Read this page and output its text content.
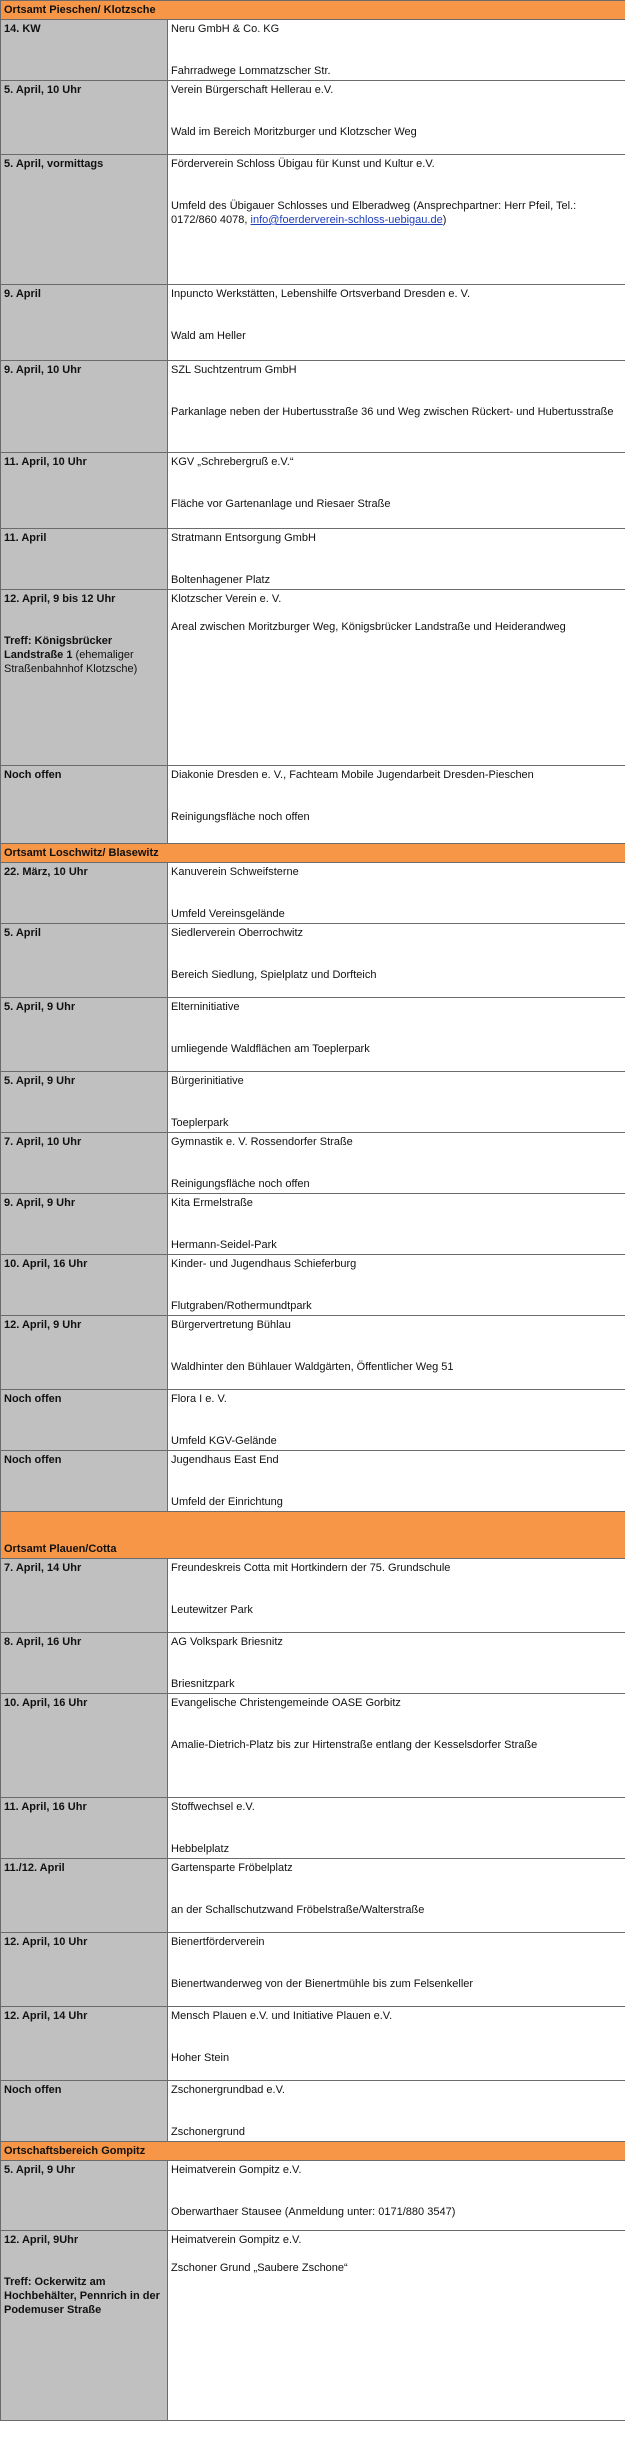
Ortsamt Pieschen/ Klotzsche	
14. KW	Neru GmbH & Co. KG
Fahrradwege Lommatzscher Str.

5. April, 10 Uhr	Verein Bürgerschaft Hellerau e.V.
Wald im Bereich Moritzburger und Klotzscher Weg

5. April, vormittags	Förderverein Schloss Übigau für Kunst und Kultur e.V.
Umfeld des Übigauer Schlosses und Elberadweg (Ansprechpartner: Herr Pfeil, Tel.: 0172/860 4078, info@foerderverein-schloss-uebigau.de)

9. April	Inpuncto Werkstätten, Lebenshilfe Ortsverband Dresden e. V.
Wald am Heller

9. April, 10 Uhr	SZL Suchtzentrum GmbH
Parkanlage neben der Hubertusstraße 36 und Weg zwischen Rückert- und Hubertusstraße

11. April, 10 Uhr	KGV „Schrebergruß e.V.“
Fläche vor Gartenanlage und Riesaer Straße

11. April	Stratmann Entsorgung GmbH
Boltenhagener Platz

12. April, 9 bis 12 Uhr
Treff: Königsbrücker Landstraße 1 (ehemaliger Straßenbahnhof Klotzsche)	Klotzscher Verein e. V.
Areal zwischen Moritzburger Weg, Königsbrücker Landstraße und Heiderandweg

Noch offen	Diakonie Dresden e. V., Fachteam Mobile Jugendarbeit Dresden-Pieschen
Reinigungsfläche noch offen

Ortsamt Loschwitz/ Blasewitz	
22. März, 10 Uhr	Kanuverein Schweifsterne
Umfeld Vereinsgelände

5. April	Siedlerverein Oberrochwitz
Bereich Siedlung, Spielplatz und Dorfteich

5. April, 9 Uhr	Elterninitiative
umliegende Waldflächen am Toeplerpark

5. April, 9 Uhr	Bürgerinitiative
Toeplerpark

7. April, 10 Uhr	Gymnastik e. V. Rossendorfer Straße
Reinigungsfläche noch offen

9. April, 9 Uhr	Kita Ermelstraße
Hermann-Seidel-Park

10. April, 16 Uhr	Kinder- und Jugendhaus Schieferburg
Flutgraben/Rothermundtpark

12. April, 9 Uhr	Bürgervertretung Bühlau
Waldhinter den Bühlauer Waldgärten, Öffentlicher Weg 51

Noch offen	Flora I e. V.
Umfeld KGV-Gelände

Noch offen	Jugendhaus East End
Umfeld der Einrichtung

Ortsamt Plauen/Cotta	
7. April, 14 Uhr	Freundeskreis Cotta mit Hortkindern der 75. Grundschule
Leutewitzer Park

8. April, 16 Uhr	AG Volkspark Briesnitz
Briesnitzpark

10. April, 16 Uhr	Evangelische Christengemeinde OASE Gorbitz
Amalie-Dietrich-Platz bis zur Hirtenstraße entlang der Kesselsdorfer Straße

11. April, 16 Uhr	Stoffwechsel e.V.
Hebbelplatz

11./12. April	Gartensparte Fröbelplatz
an der Schallschutzwand Fröbelstraße/Walterstraße

12. April, 10 Uhr	Bienertförderverein
Bienertwanderweg von der Bienertmühle bis zum Felsenkeller

12. April, 14 Uhr	Mensch Plauen e.V. und Initiative Plauen e.V.
Hoher Stein

Noch offen	Zschonergrundbad e.V.
Zschonergrund

Ortschaftsbereich Gompitz	
5. April, 9 Uhr	Heimatverein Gompitz e.V.
Oberwarthaer Stausee (Anmeldung unter: 0171/880 3547)

12. April, 9Uhr
Treff: Ockerwitz am Hochbehälter, Pennrich in der Podemuser Straße	Heimatverein Gompitz e.V.
Zschoner Grund „Saubere Zschone“
